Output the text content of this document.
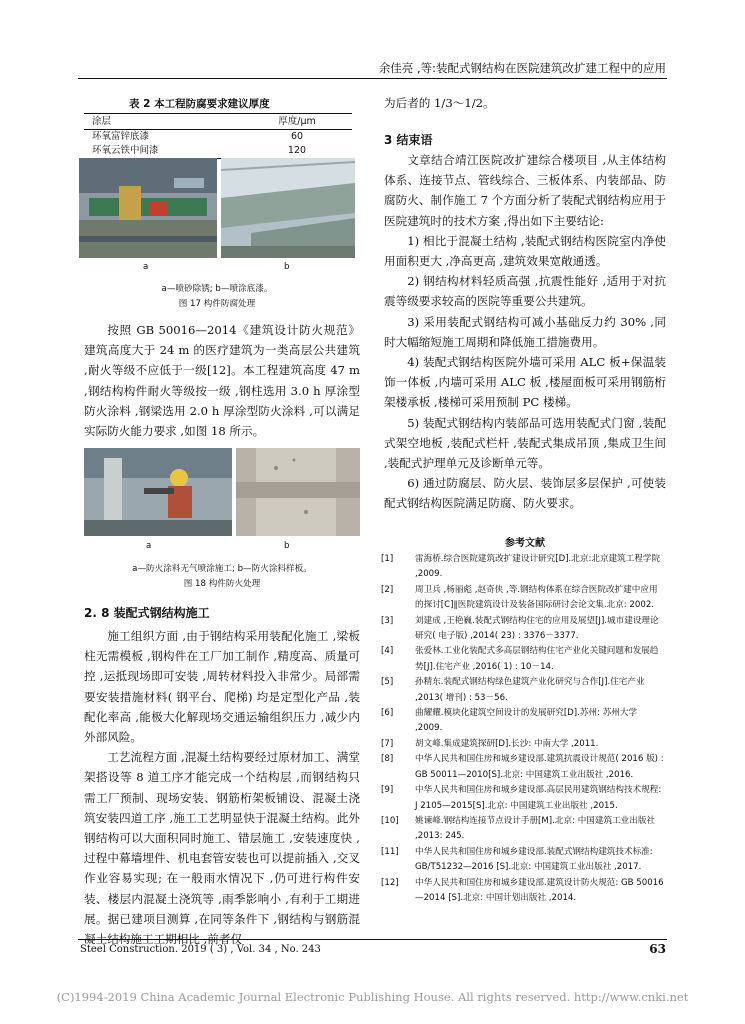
余佳亮 ,等:装配式钢结构在医院建筑改扩建工程中的应用
表 2 本工程防腐要求建议厚度
涂层	厚度/μm
环氧富锌底漆	60
环氧云铁中间漆	120
a	b
a—喷砂除锈; b—喷涂底漆。
图 17 构件防腐处理

按照 GB 50016—2014《建筑设计防火规范》建筑高度大于 24 m 的医疗建筑为一类高层公共建筑 ,耐火等级不应低于一级[12]。本工程建筑高度 47 m ,钢结构构件耐火等级按一级 ,钢柱选用 3.0 h 厚涂型防火涂料 ,钢梁选用 2.0 h 厚涂型防火涂料 ,可以满足实际防火能力要求 ,如图 18 所示。

a	b
a—防火涂料无气喷涂施工; b—防火涂料样板。
图 18 构件防火处理
2. 8 装配式钢结构施工

施工组织方面 ,由于钢结构采用装配化施工 ,梁板柱无需模板 ,钢构件在工厂加工制作 ,精度高、质量可控 ,运抵现场即可安装 ,周转材料投入非常少。局部需要安装措施材料( 钢平台、爬梯) 均是定型化产品 ,装配化率高 ,能极大化解现场交通运输组织压力 ,减少内外部风险。

工艺流程方面 ,混凝土结构要经过原材加工、满堂架搭设等 8 道工序才能完成一个结构层 ,而钢结构只需工厂预制、现场安装、钢筋桁架板铺设、混凝土浇筑安装四道工序 ,施工工艺明显快于混凝土结构。此外钢结构可以大面积同时施工、错层施工 ,安装速度快 ,过程中幕墙埋件、机电套管安装也可以提前插入 ,交叉作业容易实现; 在一般雨水情况下 ,仍可进行构件安装、楼层内混凝土浇筑等 ,雨季影响小 ,有利于工期进展。据已建项目测算 ,在同等条件下 ,钢结构与钢筋混凝土结构施工工期相比 ,前者仅

为后者的 1/3～1/2。
3 结束语

文章结合靖江医院改扩建综合楼项目 ,从主体结构体系、连接节点、管线综合、三板体系、内装部品、防腐防火、制作施工 7 个方面分析了装配式钢结构应用于医院建筑时的技术方案 ,得出如下主要结论:

1) 相比于混凝土结构 ,装配式钢结构医院室内净使用面积更大 ,净高更高 ,建筑效果宽敞通透。

2) 钢结构材料轻质高强 ,抗震性能好 ,适用于对抗震等级要求较高的医院等重要公共建筑。

3) 采用装配式钢结构可减小基础反力约 30% ,同时大幅缩短施工周期和降低施工措施费用。

4) 装配式钢结构医院外墙可采用 ALC 板+保温装饰一体板 ,内墙可采用 ALC 板 ,楼屋面板可采用钢筋桁架楼承板 ,楼梯可采用预制 PC 楼梯。

5) 装配式钢结构内装部品可选用装配式门窗 ,装配式架空地板 ,装配式栏杆 ,装配式集成吊顶 ,集成卫生间 ,装配式护理单元及诊断单元等。

6) 通过防腐层、防火层、装饰层多层保护 ,可使装配式钢结构医院满足防腐、防火要求。

参考文献
[1]	雷海桥.综合医院建筑改扩建设计研究[D].北京:北京建筑工程学院 ,2009.
[2]	周卫兵 ,杨丽彪 ,赵奇侠 ,等.钢结构体系在综合医院改扩建中应用的探讨[C]∥医院建筑设计及装备国际研讨会论文集.北京: 2002.
[3]	刘建成 ,王艳巍.装配式钢结构住宅的应用及展望[J].城市建设理论研究( 电子版) ,2014( 23) : 3376－3377.
[4]	张爱林.工业化装配式多高层钢结构住宅产业化关键问题和发展趋势[J].住宅产业 ,2016( 1) : 10－14.
[5]	孙精东.装配式钢结构绿色建筑产业化研究与合作[J].住宅产业 ,2013( 增刊) : 53－56.
[6]	曲耀耀.模块化建筑空间设计的发展研究[D].苏州: 苏州大学 ,2009.
[7]	胡文峰.集成建筑探研[D].长沙: 中南大学 ,2011.
[8]	中华人民共和国住房和城乡建设部.建筑抗震设计规范( 2016 版) : GB 50011—2010[S].北京: 中国建筑工业出版社 ,2016.
[9]	中华人民共和国住房和城乡建设部.高层民用建筑钢结构技术规程: J 2105—2015[S].北京: 中国建筑工业出版社 ,2015.
[10] 姚谏峰.钢结构连接节点设计手册[M].北京: 中国建筑工业出版社 ,2013: 245.
[11] 中华人民共和国住房和城乡建设部.装配式钢结构建筑技术标准: GB/T51232—2016 [S].北京: 中国建筑工业出版社 ,2017.
[12] 中华人民共和国住房和城乡建设部.建筑设计防火规范: GB 50016—2014 [S].北京: 中国计划出版社 ,2014.
Steel Construction. 2019 ( 3) , Vol. 34 , No. 243	63
(C)1994-2019 China Academic Journal Electronic Publishing House. All rights reserved. http://www.cnki.net
